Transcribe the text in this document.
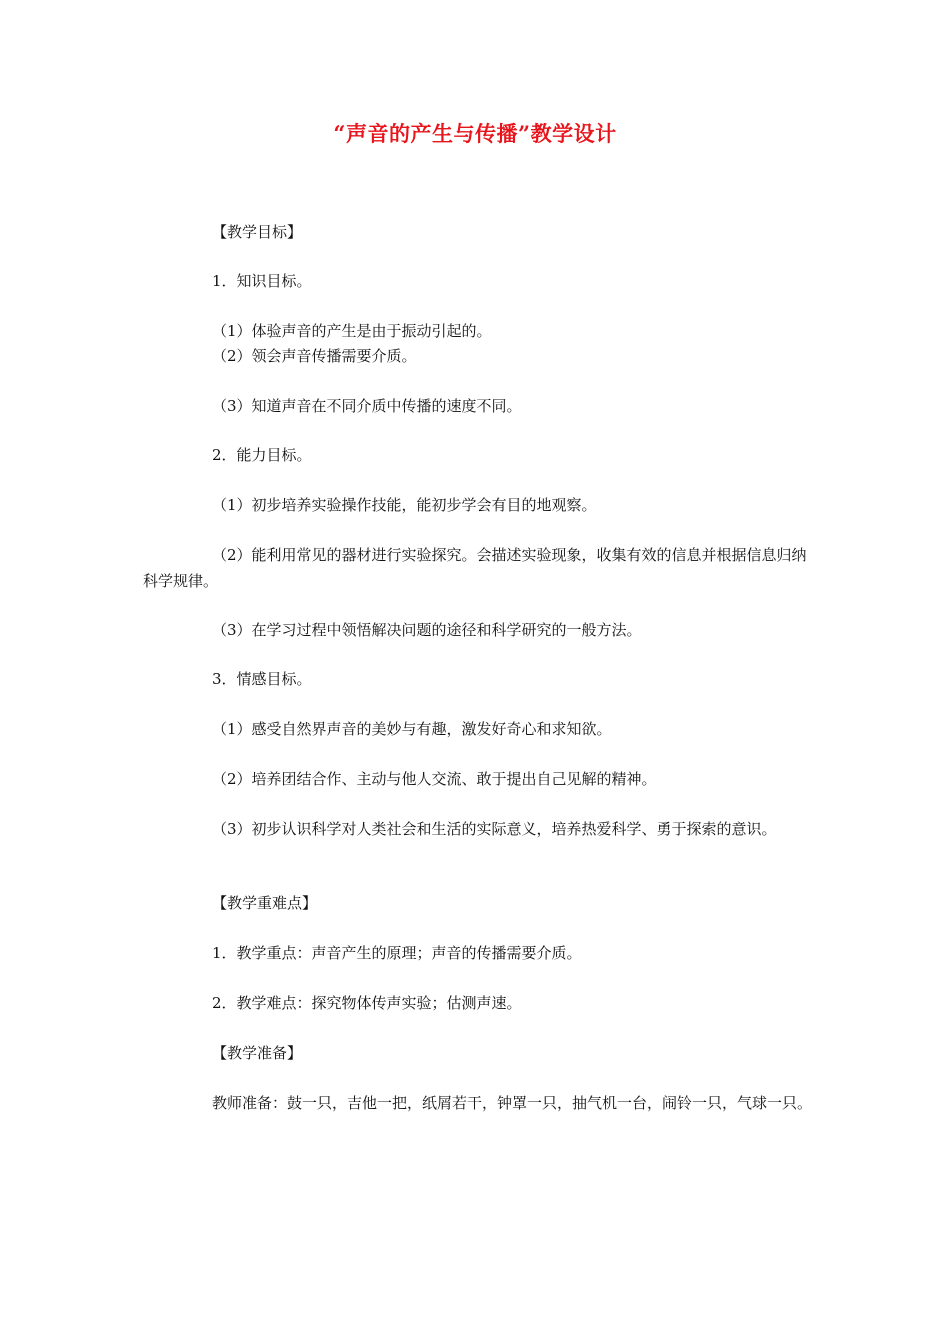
“声音的产生与传播”教学设计

【教学目标】

1．知识目标。

（1）体验声音的产生是由于振动引起的。

（2）领会声音传播需要介质。

（3）知道声音在不同介质中传播的速度不同。

2．能力目标。

（1）初步培养实验操作技能，能初步学会有目的地观察。

（2）能利用常见的器材进行实验探究。会描述实验现象，收集有效的信息并根据信息归纳科学规律。

（3）在学习过程中领悟解决问题的途径和科学研究的一般方法。

3．情感目标。

（1）感受自然界声音的美妙与有趣，激发好奇心和求知欲。

（2）培养团结合作、主动与他人交流、敢于提出自己见解的精神。

（3）初步认识科学对人类社会和生活的实际意义，培养热爱科学、勇于探索的意识。

【教学重难点】

1．教学重点：声音产生的原理；声音的传播需要介质。

2．教学难点：探究物体传声实验；估测声速。

【教学准备】

教师准备：鼓一只，吉他一把，纸屑若干，钟罩一只，抽气机一台，闹铃一只，气球一只。
